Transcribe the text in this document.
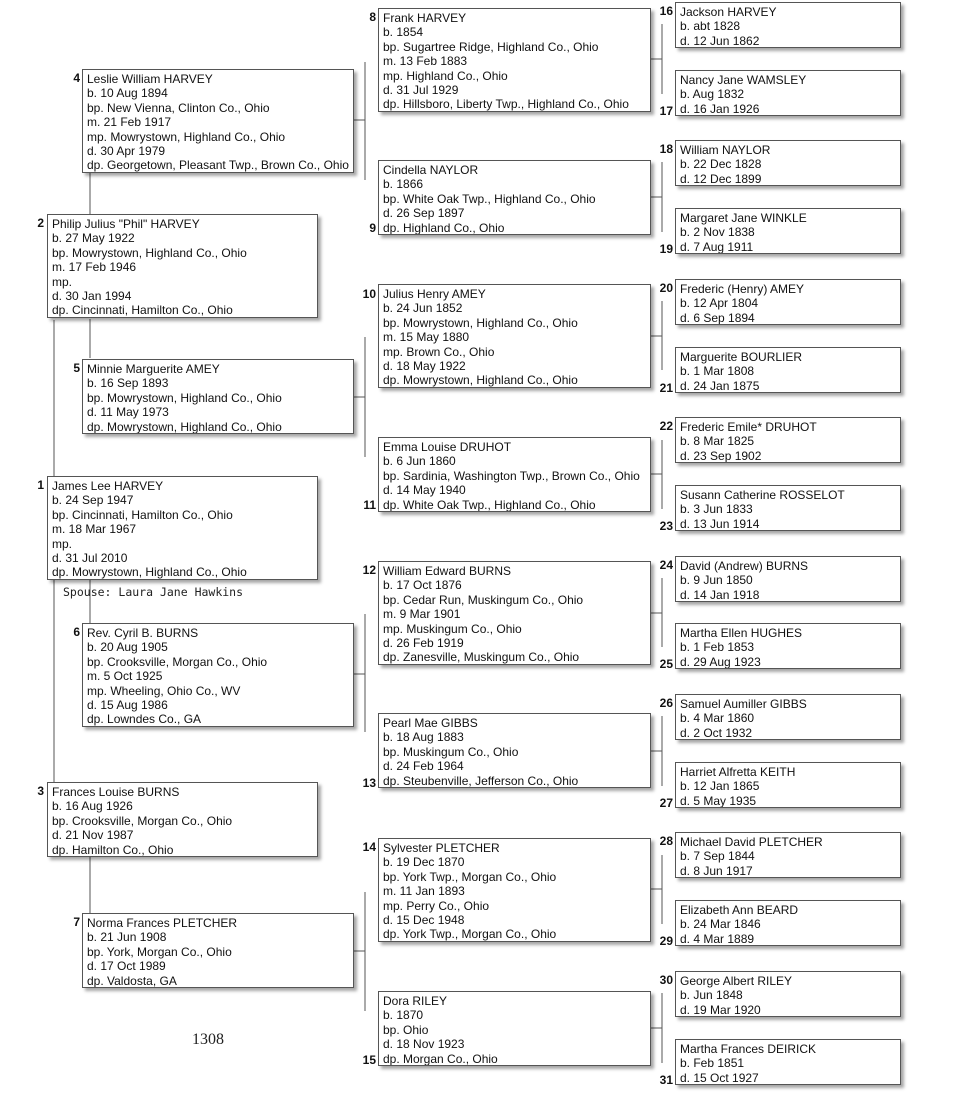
1 James Lee HARVEY
b. 24 Sep 1947
bp. Cincinnati, Hamilton Co., Ohio
m. 18 Mar 1967
mp.
d. 31 Jul 2010
dp. Mowrystown, Highland Co., Ohio
Spouse: Laura Jane Hawkins
2 Philip Julius "Phil" HARVEY
b. 27 May 1922
bp. Mowrystown, Highland Co., Ohio
m. 17 Feb 1946
mp.
d. 30 Jan 1994
dp. Cincinnati, Hamilton Co., Ohio
3 Frances Louise BURNS
b. 16 Aug 1926
bp. Crooksville, Morgan Co., Ohio
d. 21 Nov 1987
dp. Hamilton Co., Ohio
4 Leslie William HARVEY
b. 10 Aug 1894
bp. New Vienna, Clinton Co., Ohio
m. 21 Feb 1917
mp. Mowrystown, Highland Co., Ohio
d. 30 Apr 1979
dp. Georgetown, Pleasant Twp., Brown Co., Ohio
5 Minnie Marguerite AMEY
b. 16 Sep 1893
bp. Mowrystown, Highland Co., Ohio
d. 11 May 1973
dp. Mowrystown, Highland Co., Ohio
6 Rev. Cyril B. BURNS
b. 20 Aug 1905
bp. Crooksville, Morgan Co., Ohio
m. 5 Oct 1925
mp. Wheeling, Ohio Co., WV
d. 15 Aug 1986
dp. Lowndes Co., GA
7 Norma Frances PLETCHER
b. 21 Jun 1908
bp. York, Morgan Co., Ohio
d. 17 Oct 1989
dp. Valdosta, GA
8 Frank HARVEY
b. 1854
bp. Sugartree Ridge, Highland Co., Ohio
m. 13 Feb 1883
mp. Highland Co., Ohio
d. 31 Jul 1929
dp. Hillsboro, Liberty Twp., Highland Co., Ohio
9
Cindella NAYLOR
b. 1866
bp. White Oak Twp., Highland Co., Ohio
d. 26 Sep 1897
dp. Highland Co., Ohio
10 Julius Henry AMEY
b. 24 Jun 1852
bp. Mowrystown, Highland Co., Ohio
m. 15 May 1880
mp. Brown Co., Ohio
d. 18 May 1922
dp. Mowrystown, Highland Co., Ohio
11
Emma Louise DRUHOT
b. 6 Jun 1860
bp. Sardinia, Washington Twp., Brown Co., Ohio
d. 14 May 1940
dp. White Oak Twp., Highland Co., Ohio
12 William Edward BURNS
b. 17 Oct 1876
bp. Cedar Run, Muskingum Co., Ohio
m. 9 Mar 1901
mp. Muskingum Co., Ohio
d. 26 Feb 1919
dp. Zanesville, Muskingum Co., Ohio
13
Pearl Mae GIBBS
b. 18 Aug 1883
bp. Muskingum Co., Ohio
d. 24 Feb 1964
dp. Steubenville, Jefferson Co., Ohio
14 Sylvester PLETCHER
b. 19 Dec 1870
bp. York Twp., Morgan Co., Ohio
m. 11 Jan 1893
mp. Perry Co., Ohio
d. 15 Dec 1948
dp. York Twp., Morgan Co., Ohio
15
Dora RILEY
b. 1870
bp. Ohio
d. 18 Nov 1923
dp. Morgan Co., Ohio
16 Jackson HARVEY
b. abt 1828
d. 12 Jun 1862
17
Nancy Jane WAMSLEY
b. Aug 1832
d. 16 Jan 1926
18 William NAYLOR
b. 22 Dec 1828
d. 12 Dec 1899
19
Margaret Jane WINKLE
b. 2 Nov 1838
d. 7 Aug 1911
20 Frederic (Henry) AMEY
b. 12 Apr 1804
d. 6 Sep 1894
21
Marguerite BOURLIER
b. 1 Mar 1808
d. 24 Jan 1875
22 Frederic Emile* DRUHOT
b. 8 Mar 1825
d. 23 Sep 1902
23
Susann Catherine ROSSELOT
b. 3 Jun 1833
d. 13 Jun 1914
24 David (Andrew) BURNS
b. 9 Jun 1850
d. 14 Jan 1918
25
Martha Ellen HUGHES
b. 1 Feb 1853
d. 29 Aug 1923
26 Samuel Aumiller GIBBS
b. 4 Mar 1860
d. 2 Oct 1932
27
Harriet Alfretta KEITH
b. 12 Jan 1865
d. 5 May 1935
28 Michael David PLETCHER
b. 7 Sep 1844
d. 8 Jun 1917
29
Elizabeth Ann BEARD
b. 24 Mar 1846
d. 4 Mar 1889
30 George Albert RILEY
b. Jun 1848
d. 19 Mar 1920
31
Martha Frances DEIRICK
b. Feb 1851
d. 15 Oct 1927
1308
